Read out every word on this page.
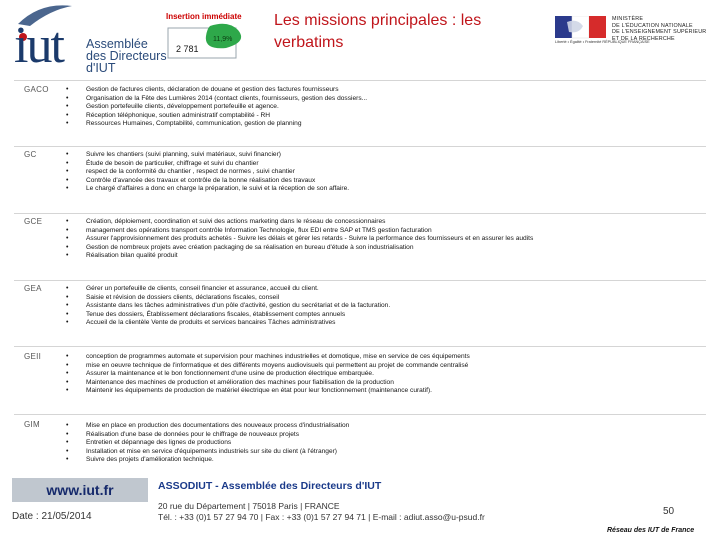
iut Assemblée
des Directeurs
d'IUT
Insertion immédiate
2 781
11,9%
Les missions principales : les
verbatims	Liberté • Égalité • Fraternité RÉPUBLIQUE FRANÇAISE
MINISTÈRE
DE L'ÉDUCATION NATIONALE
DE L'ENSEIGNEMENT SUPÉRIEUR
ET DE LA RECHERCHE
GACO	• Gestion de factures clients, déclaration de douane et gestion des factures fournisseurs
• Organisation de la Fête des Lumières 2014 (contact clients, fournisseurs, gestion des dossiers...
• Gestion portefeuille clients, développement portefeuille et agence.
• Réception téléphonique, soutien administratif comptabilité - RH
• Ressources Humaines, Comptabilité, communication, gestion de planning
GC	• Suivre les chantiers (suivi planning, suivi matériaux, suivi financier)
• Étude de besoin de particulier, chiffrage et suivi du chantier
• respect de la conformité du chantier , respect de normes , suivi chantier
• Contrôle d'avancée des travaux et contrôle de la bonne réalisation des travaux
• Le chargé d'affaires a donc en charge la préparation, le suivi et la réception de son affaire.
GCE	• Création, déploiement, coordination et suivi des actions marketing dans le réseau de concessionnaires
• management des opérations transport contrôle Information Technologie, flux EDI entre SAP et TMS gestion facturation
• Assurer l'approvisionnement des produits achetés - Suivre les délais et gérer les retards - Suivre la performance des fournisseurs et en assurer les audits
• Gestion de nombreux projets avec création packaging de sa réalisation en bureau d'étude à son industrialisation
• Réalisation bilan qualité produit
GEA	• Gérer un portefeuille de clients, conseil financier et assurance, accueil du client.
• Saisie et révision de dossiers clients, déclarations fiscales, conseil
• Assistante dans les tâches administratives d'un pôle d'activité, gestion du secrétariat et de la facturation.
• Tenue des dossiers, Établissement déclarations fiscales, établissement comptes annuels
• Accueil de la clientèle Vente de produits et services bancaires Tâches administratives
GEII	• conception de programmes automate et supervision pour machines industrielles et domotique, mise en service de ces équipements
• mise en oeuvre technique de l'informatique et des différents moyens audiovisuels qui permettent au projet de commande centralisé
• Assurer la maintenance et le bon fonctionnement d'une usine de production électrique embarquée.
• Maintenance des machines de production et amélioration des machines pour fiabilisation de la production
• Maintenir les équipements de production de matériel électrique en état pour leur fonctionnement (maintenance curatif).
GIM	• Mise en place en production des documentations des nouveaux process d'industrialisation
• Réalisation d'une base de données pour le chiffrage de nouveaux projets
• Entretien et dépannage des lignes de productions
• Installation et mise en service d'équipements industriels sur site du client (à l'étranger)
• Suivre des projets d'amélioration technique.
www.iut.fr
Date : 21/05/2014
ASSODIUT - Assemblée des Directeurs d'IUT
20 rue du Département | 75018 Paris | FRANCE
Tél. : +33 (0)1 57 27 94 70 | Fax : +33 (0)1 57 27 94 71 | E-mail : adiut.asso@u-psud.fr	50
Réseau des IUT de France
